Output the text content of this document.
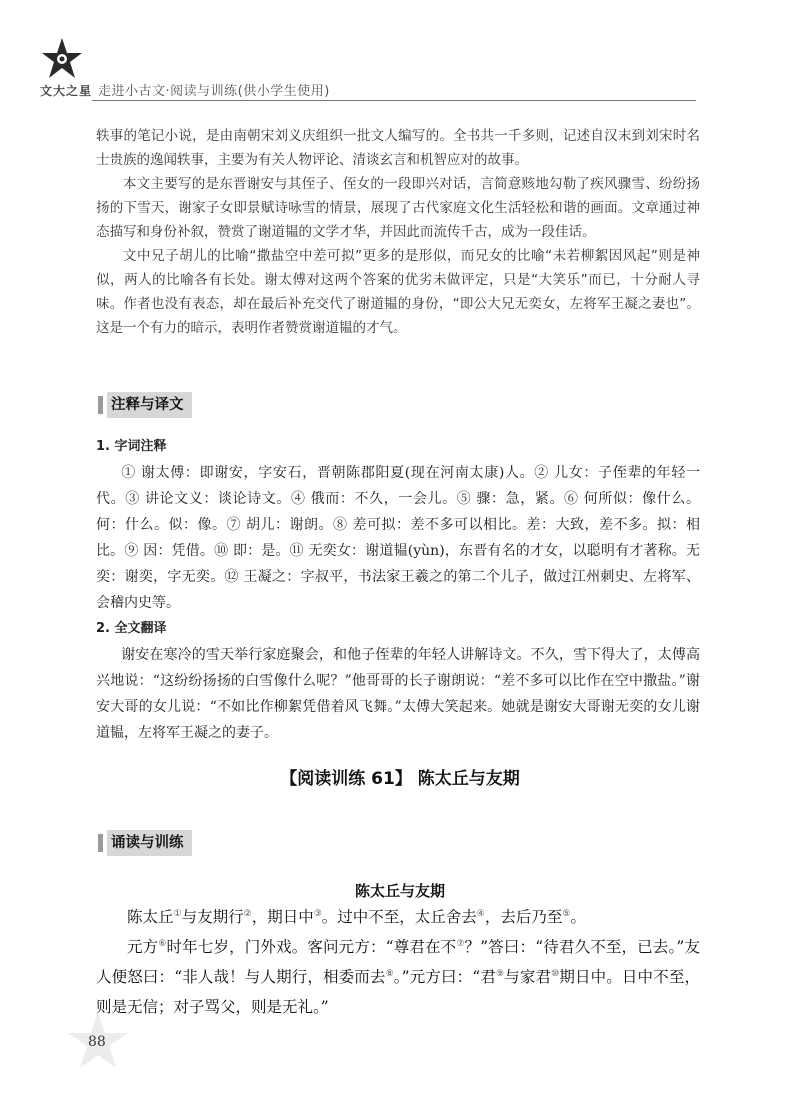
文大之星 走进小古文·阅读与训练(供小学生使用)

轶事的笔记小说，是由南朝宋刘义庆组织一批文人编写的。全书共一千多则，记述自汉末到刘宋时名士贵族的逸闻轶事，主要为有关人物评论、清谈玄言和机智应对的故事。

本文主要写的是东晋谢安与其侄子、侄女的一段即兴对话，言简意赅地勾勒了疾风骤雪、纷纷扬扬的下雪天，谢家子女即景赋诗咏雪的情景，展现了古代家庭文化生活轻松和谐的画面。文章通过神态描写和身份补叙，赞赏了谢道韫的文学才华，并因此而流传千古，成为一段佳话。

文中兄子胡儿的比喻“撒盐空中差可拟”更多的是形似，而兄女的比喻“未若柳絮因风起”则是神似，两人的比喻各有长处。谢太傅对这两个答案的优劣未做评定，只是“大笑乐”而已，十分耐人寻味。作者也没有表态，却在最后补充交代了谢道韫的身份，“即公大兄无奕女，左将军王凝之妻也”。这是一个有力的暗示，表明作者赞赏谢道韫的才气。

注释与译文
1. 字词注释

① 谢太傅：即谢安，字安石，晋朝陈郡阳夏(现在河南太康)人。② 儿女：子侄辈的年轻一代。③ 讲论文义：谈论诗文。④ 俄而：不久，一会儿。⑤ 骤：急，紧。⑥ 何所似：像什么。何：什么。似：像。⑦ 胡儿：谢朗。⑧ 差可拟：差不多可以相比。差：大致，差不多。拟：相比。⑨ 因：凭借。⑩ 即：是。⑪ 无奕女：谢道韫(yùn)，东晋有名的才女，以聪明有才著称。无奕：谢奕，字无奕。⑫ 王凝之：字叔平，书法家王羲之的第二个儿子，做过江州刺史、左将军、会稽内史等。

2. 全文翻译

谢安在寒冷的雪天举行家庭聚会，和他子侄辈的年轻人讲解诗文。不久，雪下得大了，太傅高兴地说：“这纷纷扬扬的白雪像什么呢？”他哥哥的长子谢朗说：“差不多可以比作在空中撒盐。”谢安大哥的女儿说：“不如比作柳絮凭借着风飞舞。”太傅大笑起来。她就是谢安大哥谢无奕的女儿谢道韫，左将军王凝之的妻子。

【阅读训练 61】 陈太丘与友期
诵读与训练
陈太丘与友期

陈太丘①与友期行②，期日中③。过中不至，太丘舍去④，去后乃至⑤。

元方⑥时年七岁，门外戏。客问元方：“尊君在不⑦？”答曰：“待君久不至，已去。”友人便怒曰：“非人哉！与人期行，相委而去⑧。”元方曰：“君⑨与家君⑩期日中。日中不至，则是无信；对子骂父，则是无礼。”

88
